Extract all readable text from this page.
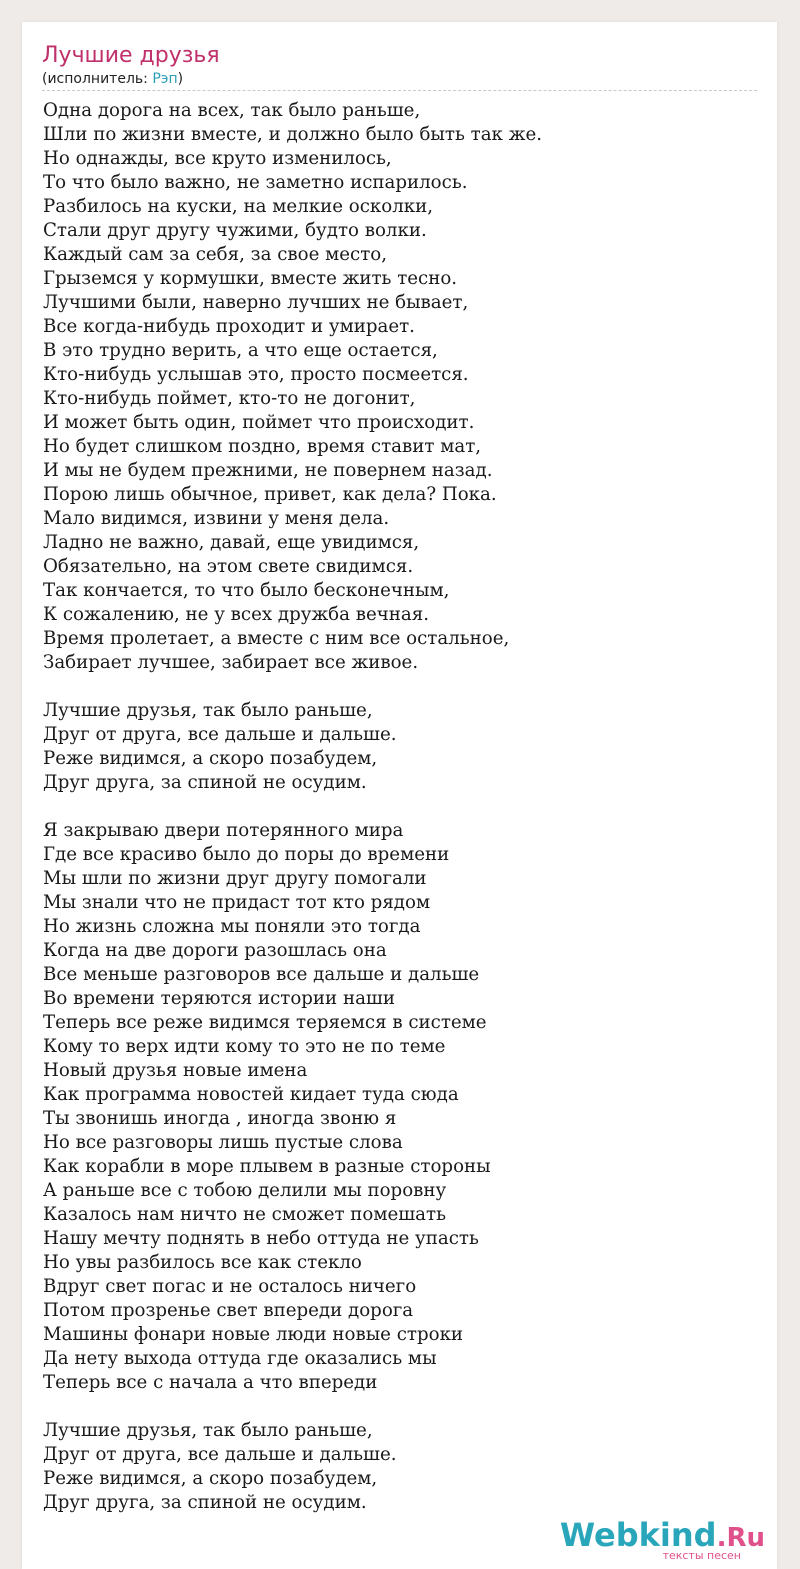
Лучшие друзья
(исполнитель: Рэп)
Одна дорога на всех, так было раньше,
Шли по жизни вместе, и должно было быть так же.
Но однажды, все круто изменилось,
То что было важно, не заметно испарилось.
Разбилось на куски, на мелкие осколки,
Стали друг другу чужими, будто волки.
Каждый сам за себя, за свое место,
Грыземся у кормушки, вместе жить тесно.
Лучшими были, наверно лучших не бывает,
Все когда-нибудь проходит и умирает.
В это трудно верить, а что еще остается,
Кто-нибудь услышав это, просто посмеется.
Кто-нибудь поймет, кто-то не догонит,
И может быть один, поймет что происходит.
Но будет слишком поздно, время ставит мат,
И мы не будем прежними, не повернем назад.
Порою лишь обычное, привет, как дела? Пока.
Мало видимся, извини у меня дела.
Ладно не важно, давай, еще увидимся,
Обязательно, на этом свете свидимся.
Так кончается, то что было бесконечным,
К сожалению, не у всех дружба вечная.
Время пролетает, а вместе с ним все остальное,
Забирает лучшее, забирает все живое.
Лучшие друзья, так было раньше,
Друг от друга, все дальше и дальше.
Реже видимся, а скоро позабудем,
Друг друга, за спиной не осудим.
Я закрываю двери потерянного мира
Где все красиво было до поры до времени
Мы шли по жизни друг другу помогали
Мы знали что не придаст тот кто рядом
Но жизнь сложна мы поняли это тогда
Когда на две дороги разошлась она
Все меньше разговоров все дальше и дальше
Во времени теряются истории наши
Теперь все реже видимся теряемся в системе
Кому то верх идти кому то это не по теме
Новый друзья новые имена
Как программа новостей кидает туда сюда
Ты звонишь иногда , иногда звоню я
Но все разговоры лишь пустые слова
Как корабли в море плывем в разные стороны
А раньше все с тобою делили мы поровну
Казалось нам ничто не сможет помешать
Нашу мечту поднять в небо оттуда не упасть
Но увы разбилось все как стекло
Вдруг свет погас и не осталось ничего
Потом прозренье свет впереди дорога
Машины фонари новые люди новые строки
Да нету выхода оттуда где оказались мы
Теперь все с начала а что впереди
Лучшие друзья, так было раньше,
Друг от друга, все дальше и дальше.
Реже видимся, а скоро позабудем,
Друг друга, за спиной не осудим.
Webkind.Ru
тексты песен
